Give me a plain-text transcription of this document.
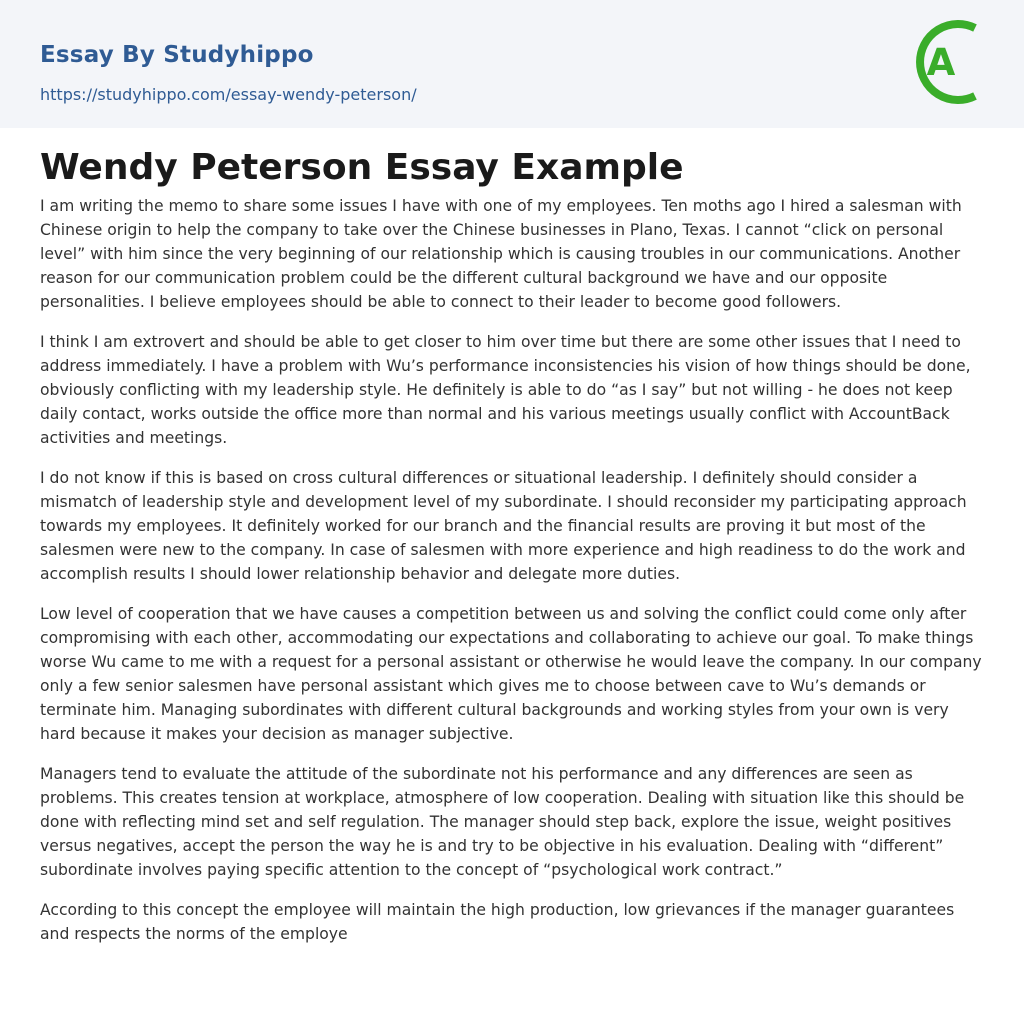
Essay By Studyhippo
https://studyhippo.com/essay-wendy-peterson/
A
Wendy Peterson Essay Example

I am writing the memo to share some issues I have with one of my employees. Ten moths ago I hired a salesman with Chinese origin to help the company to take over the Chinese businesses in Plano, Texas. I cannot “click on personal level” with him since the very beginning of our relationship which is causing troubles in our communications. Another reason for our communication problem could be the different cultural background we have and our opposite personalities. I believe employees should be able to connect to their leader to become good followers.

I think I am extrovert and should be able to get closer to him over time but there are some other issues that I need to address immediately. I have a problem with Wu’s performance inconsistencies his vision of how things should be done, obviously conflicting with my leadership style. He definitely is able to do “as I say” but not willing - he does not keep daily contact, works outside the office more than normal and his various meetings usually conflict with AccountBack activities and meetings.

I do not know if this is based on cross cultural differences or situational leadership. I definitely should consider a mismatch of leadership style and development level of my subordinate. I should reconsider my participating approach towards my employees. It definitely worked for our branch and the financial results are proving it but most of the salesmen were new to the company. In case of salesmen with more experience and high readiness to do the work and accomplish results I should lower relationship behavior and delegate more duties.

Low level of cooperation that we have causes a competition between us and solving the conflict could come only after compromising with each other, accommodating our expectations and collaborating to achieve our goal. To make things worse Wu came to me with a request for a personal assistant or otherwise he would leave the company. In our company only a few senior salesmen have personal assistant which gives me to choose between cave to Wu’s demands or terminate him. Managing subordinates with different cultural backgrounds and working styles from your own is very hard because it makes your decision as manager subjective.

Managers tend to evaluate the attitude of the subordinate not his performance and any differences are seen as problems. This creates tension at workplace, atmosphere of low cooperation. Dealing with situation like this should be done with reflecting mind set and self regulation. The manager should step back, explore the issue, weight positives versus negatives, accept the person the way he is and try to be objective in his evaluation. Dealing with “different” subordinate involves paying specific attention to the concept of “psychological work contract.”

According to this concept the employee will maintain the high production, low grievances if the manager guarantees and respects the norms of the employe
